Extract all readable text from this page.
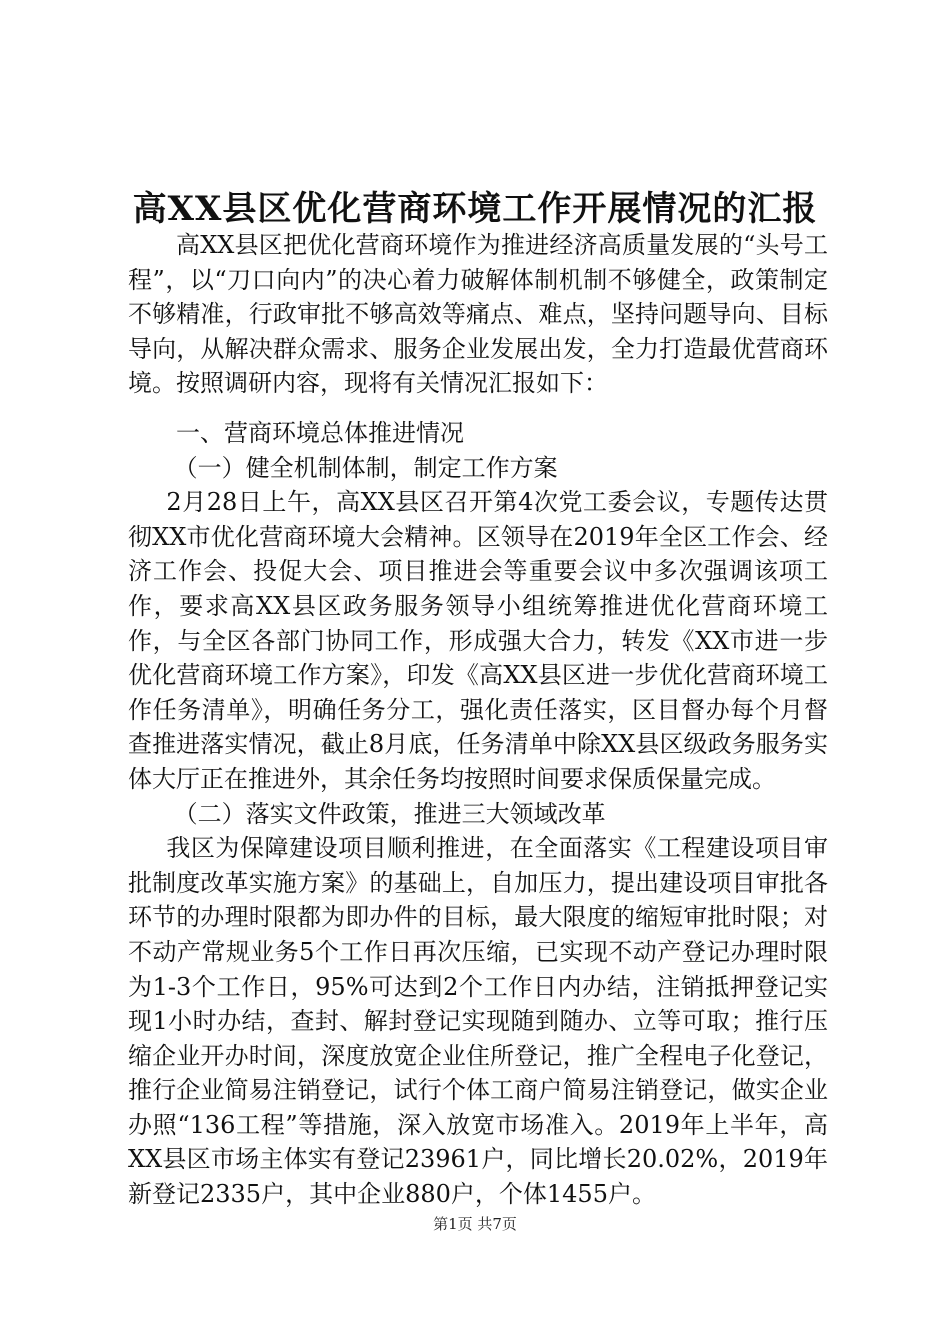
高XX县区优化营商环境工作开展情况的汇报

高XX县区把优化营商环境作为推进经济高质量发展的“头号工程”，以“刀口向内”的决心着力破解体制机制不够健全，政策制定不够精准，行政审批不够高效等痛点、难点，坚持问题导向、目标导向，从解决群众需求、服务企业发展出发，全力打造最优营商环境。按照调研内容，现将有关情况汇报如下：

一、营商环境总体推进情况

（一）健全机制体制，制定工作方案

2月28日上午，高XX县区召开第4次党工委会议，专题传达贯彻XX市优化营商环境大会精神。区领导在2019年全区工作会、经济工作会、投促大会、项目推进会等重要会议中多次强调该项工作，要求高XX县区政务服务领导小组统筹推进优化营商环境工作，与全区各部门协同工作，形成强大合力，转发《XX市进一步优化营商环境工作方案》，印发《高XX县区进一步优化营商环境工作任务清单》，明确任务分工，强化责任落实，区目督办每个月督查推进落实情况，截止8月底，任务清单中除XX县区级政务服务实体大厅正在推进外，其余任务均按照时间要求保质保量完成。

（二）落实文件政策，推进三大领域改革

我区为保障建设项目顺利推进，在全面落实《工程建设项目审批制度改革实施方案》的基础上，自加压力，提出建设项目审批各环节的办理时限都为即办件的目标，最大限度的缩短审批时限；对不动产常规业务5个工作日再次压缩，已实现不动产登记办理时限为1-3个工作日，95%可达到2个工作日内办结，注销抵押登记实现1小时办结，查封、解封登记实现随到随办、立等可取；推行压缩企业开办时间，深度放宽企业住所登记，推广全程电子化登记，推行企业简易注销登记，试行个体工商户简易注销登记，做实企业办照“136工程”等措施，深入放宽市场准入。2019年上半年，高XX县区市场主体实有登记23961户，同比增长20.02%，2019年新登记2335户，其中企业880户，个体1455户。

第1页 共7页
